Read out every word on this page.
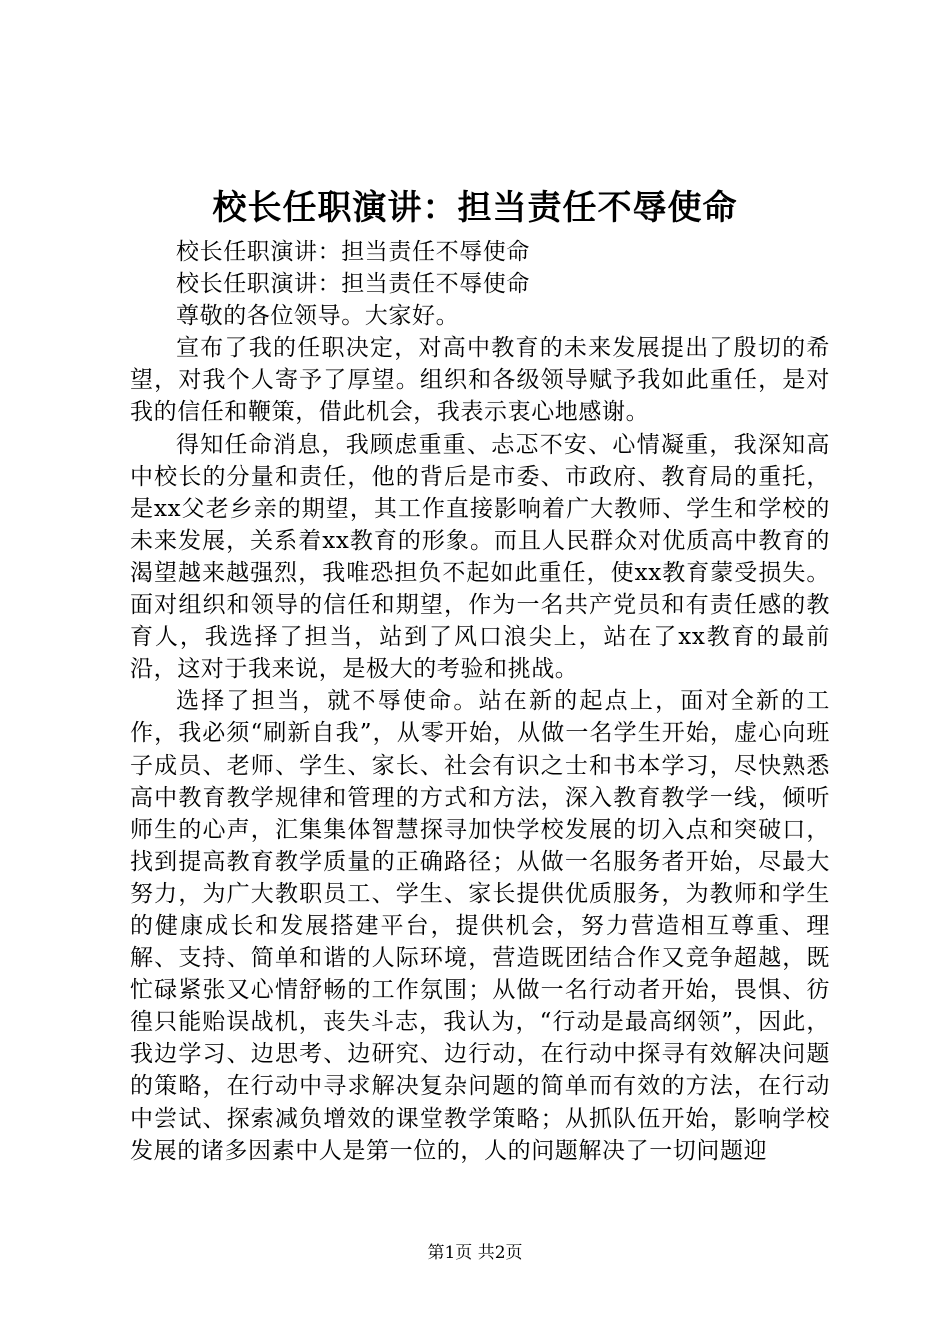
校长任职演讲：担当责任不辱使命

校长任职演讲：担当责任不辱使命

校长任职演讲：担当责任不辱使命

尊敬的各位领导。大家好。

宣布了我的任职决定，对高中教育的未来发展提出了殷切的希望，对我个人寄予了厚望。组织和各级领导赋予我如此重任，是对我的信任和鞭策，借此机会，我表示衷心地感谢。

得知任命消息，我顾虑重重、忐忑不安、心情凝重，我深知高中校长的分量和责任，他的背后是市委、市政府、教育局的重托，是xx父老乡亲的期望，其工作直接影响着广大教师、学生和学校的未来发展，关系着xx教育的形象。而且人民群众对优质高中教育的渴望越来越强烈，我唯恐担负不起如此重任，使xx教育蒙受损失。面对组织和领导的信任和期望，作为一名共产党员和有责任感的教育人，我选择了担当，站到了风口浪尖上，站在了xx教育的最前沿，这对于我来说，是极大的考验和挑战。

选择了担当，就不辱使命。站在新的起点上，面对全新的工作，我必须“刷新自我”，从零开始，从做一名学生开始，虚心向班子成员、老师、学生、家长、社会有识之士和书本学习，尽快熟悉高中教育教学规律和管理的方式和方法，深入教育教学一线，倾听师生的心声，汇集集体智慧探寻加快学校发展的切入点和突破口，找到提高教育教学质量的正确路径；从做一名服务者开始，尽最大努力，为广大教职员工、学生、家长提供优质服务，为教师和学生的健康成长和发展搭建平台，提供机会，努力营造相互尊重、理解、支持、简单和谐的人际环境，营造既团结合作又竞争超越，既忙碌紧张又心情舒畅的工作氛围；从做一名行动者开始，畏惧、彷徨只能贻误战机，丧失斗志，我认为，“行动是最高纲领”，因此，我边学习、边思考、边研究、边行动，在行动中探寻有效解决问题的策略，在行动中寻求解决复杂问题的简单而有效的方法，在行动中尝试、探索减负增效的课堂教学策略；从抓队伍开始，影响学校发展的诸多因素中人是第一位的，人的问题解决了一切问题迎

第1页 共2页
